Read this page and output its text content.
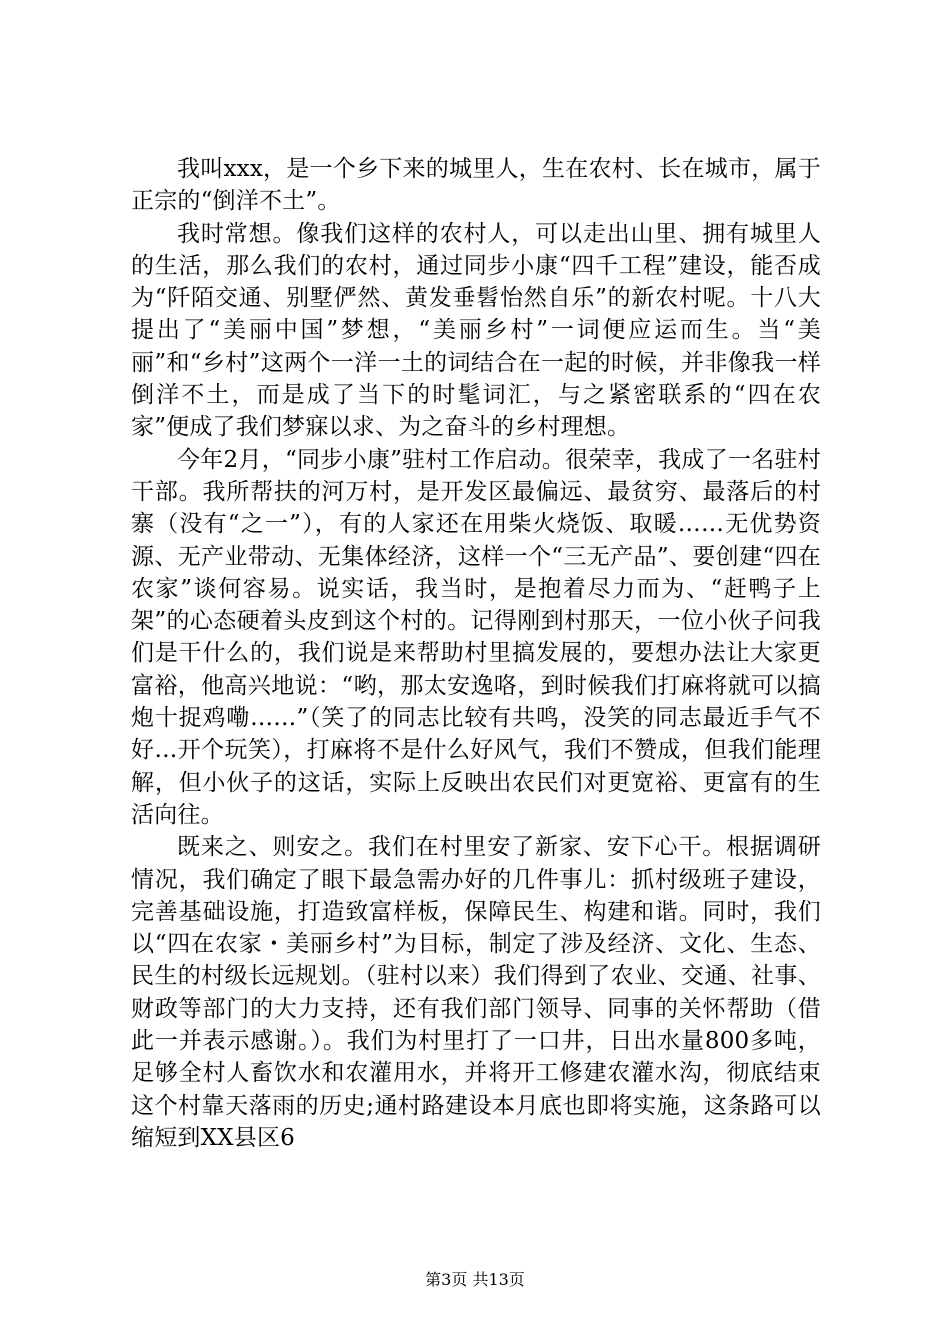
我叫xxx，是一个乡下来的城里人，生在农村、长在城市，属于正宗的“倒洋不土”。

我时常想。像我们这样的农村人，可以走出山里、拥有城里人的生活，那么我们的农村，通过同步小康“四千工程”建设，能否成为“阡陌交通、别墅俨然、黄发垂髫怡然自乐”的新农村呢。十八大提出了“美丽中国”梦想，“美丽乡村”一词便应运而生。当“美丽”和“乡村”这两个一洋一土的词结合在一起的时候，并非像我一样倒洋不土，而是成了当下的时髦词汇，与之紧密联系的“四在农家”便成了我们梦寐以求、为之奋斗的乡村理想。

今年2月，“同步小康”驻村工作启动。很荣幸，我成了一名驻村干部。我所帮扶的河万村，是开发区最偏远、最贫穷、最落后的村寨（没有“之一”），有的人家还在用柴火烧饭、取暖……无优势资源、无产业带动、无集体经济，这样一个“三无产品”、要创建“四在农家”谈何容易。说实话，我当时，是抱着尽力而为、“赶鸭子上架”的心态硬着头皮到这个村的。记得刚到村那天，一位小伙子问我们是干什么的，我们说是来帮助村里搞发展的，要想办法让大家更富裕，他高兴地说：“哟，那太安逸咯，到时候我们打麻将就可以搞炮十捉鸡嘞……”（笑了的同志比较有共鸣，没笑的同志最近手气不好…开个玩笑），打麻将不是什么好风气，我们不赞成，但我们能理解，但小伙子的这话，实际上反映出农民们对更宽裕、更富有的生活向往。

既来之、则安之。我们在村里安了新家、安下心干。根据调研情况，我们确定了眼下最急需办好的几件事儿：抓村级班子建设，完善基础设施，打造致富样板，保障民生、构建和谐。同时，我们以“四在农家・美丽乡村”为目标，制定了涉及经济、文化、生态、民生的村级长远规划。（驻村以来）我们得到了农业、交通、社事、财政等部门的大力支持，还有我们部门领导、同事的关怀帮助（借此一并表示感谢。）。我们为村里打了一口井，日出水量800多吨，足够全村人畜饮水和农灌用水，并将开工修建农灌水沟，彻底结束这个村靠天落雨的历史;通村路建设本月底也即将实施，这条路可以缩短到XX县区6

第3页 共13页
